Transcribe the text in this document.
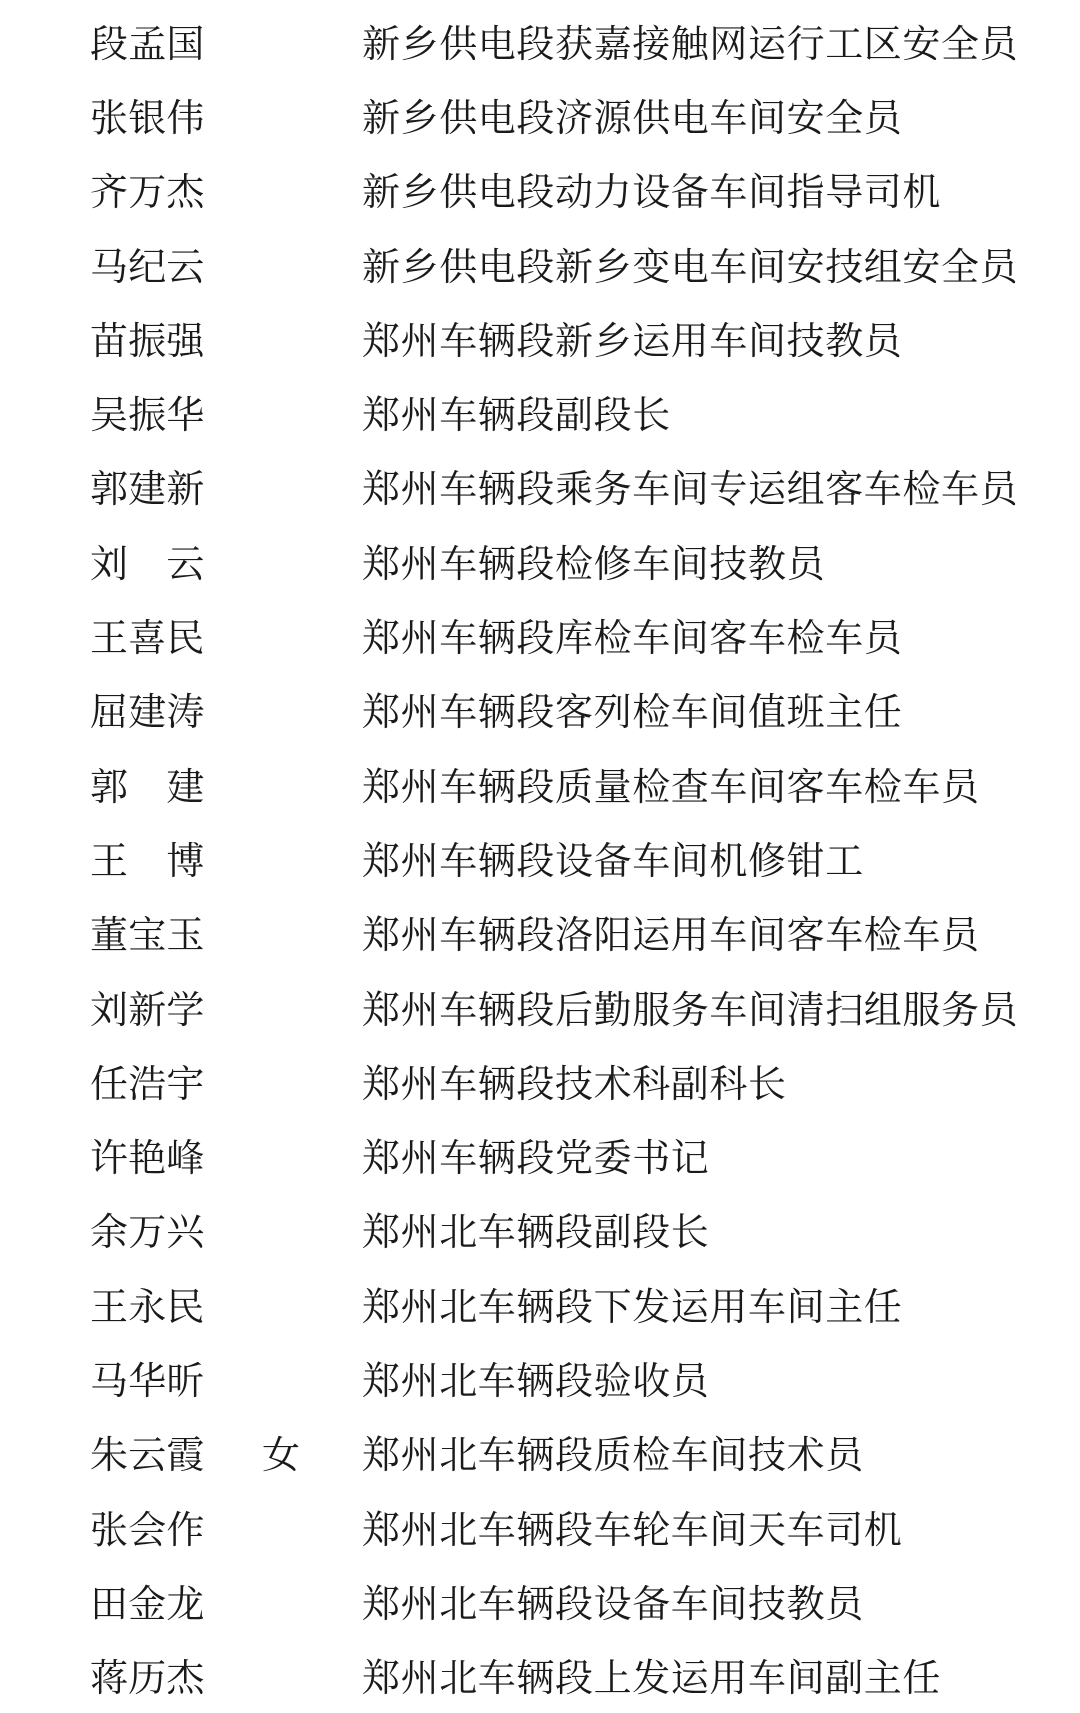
段孟国	新乡供电段获嘉接触网运行工区安全员
张银伟	新乡供电段济源供电车间安全员
齐万杰	新乡供电段动力设备车间指导司机
马纪云	新乡供电段新乡变电车间安技组安全员
苗振强	郑州车辆段新乡运用车间技教员
吴振华	郑州车辆段副段长
郭建新	郑州车辆段乘务车间专运组客车检车员
刘　云	郑州车辆段检修车间技教员
王喜民	郑州车辆段库检车间客车检车员
屈建涛	郑州车辆段客列检车间值班主任
郭　建	郑州车辆段质量检查车间客车检车员
王　博	郑州车辆段设备车间机修钳工
董宝玉	郑州车辆段洛阳运用车间客车检车员
刘新学	郑州车辆段后勤服务车间清扫组服务员
任浩宇	郑州车辆段技术科副科长
许艳峰	郑州车辆段党委书记
余万兴	郑州北车辆段副段长
王永民	郑州北车辆段下发运用车间主任
马华昕	郑州北车辆段验收员
朱云霞	女	郑州北车辆段质检车间技术员
张会作	郑州北车辆段车轮车间天车司机
田金龙	郑州北车辆段设备车间技教员
蒋历杰	郑州北车辆段上发运用车间副主任
